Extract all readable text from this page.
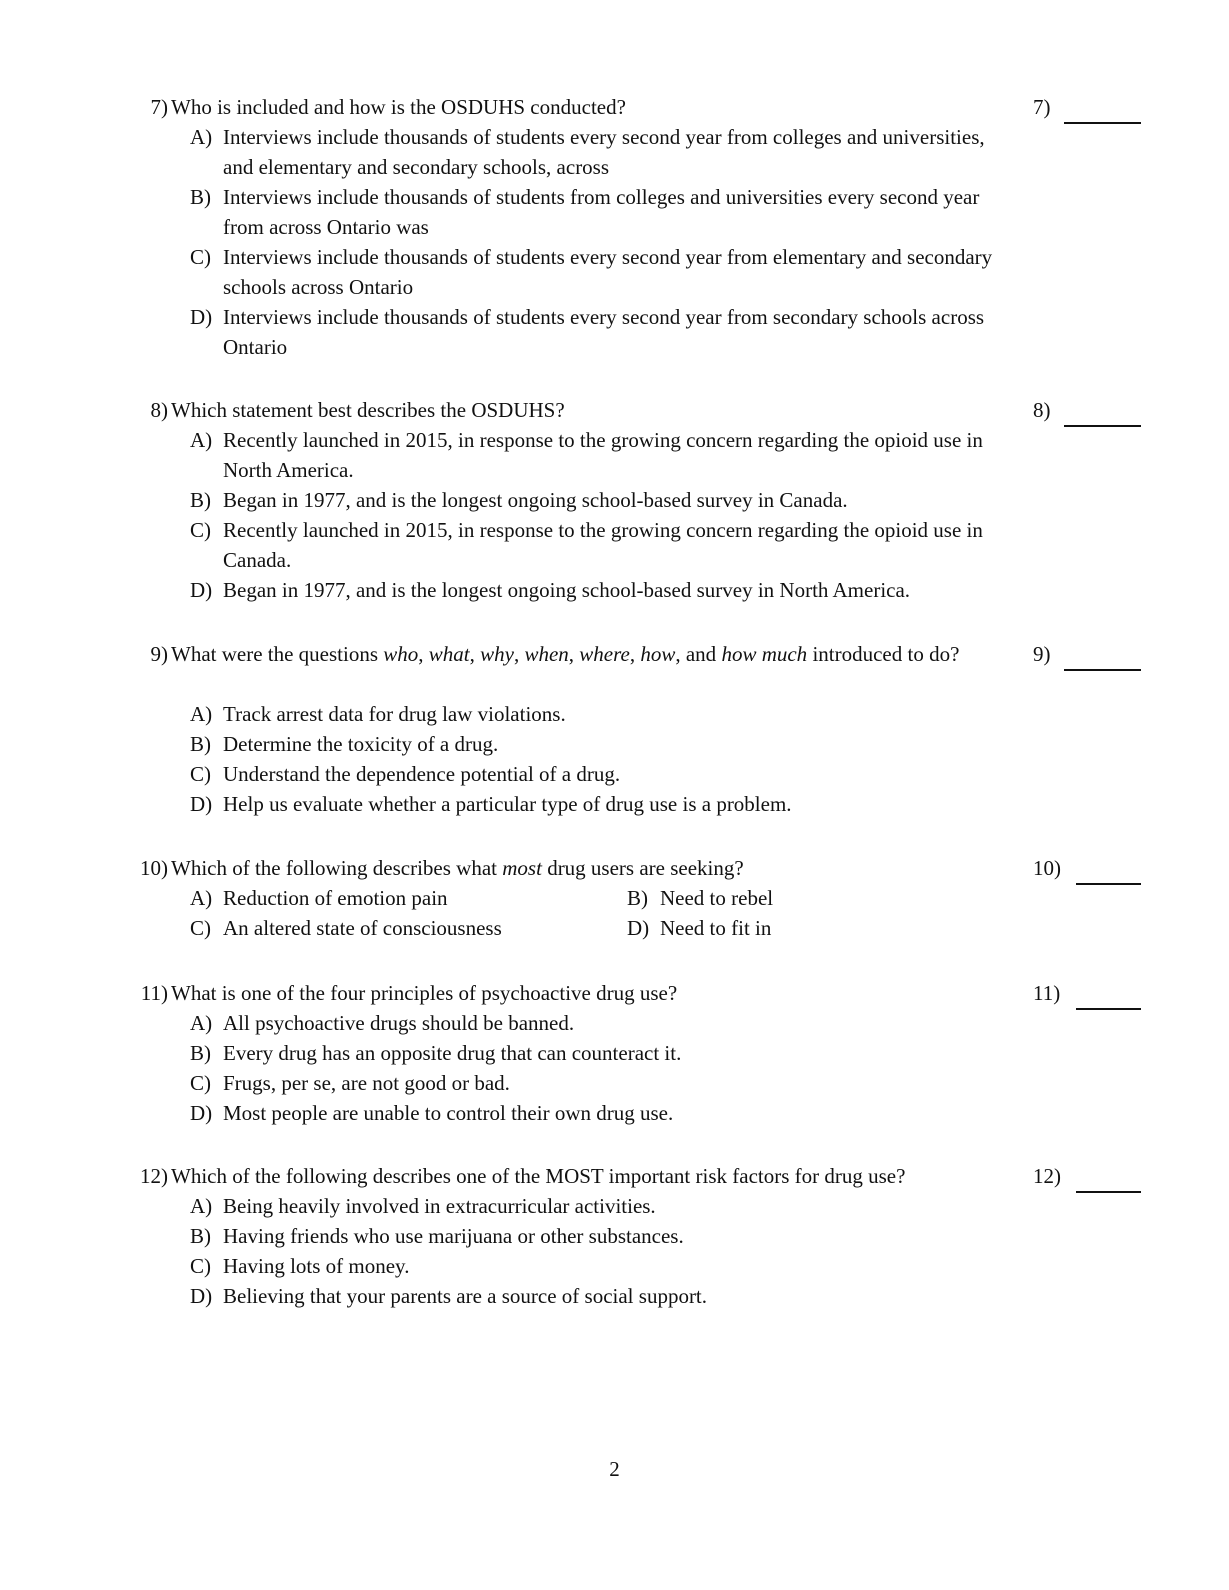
7) Who is included and how is the OSDUHS conducted?	7)
A) Interviews include thousands of students every second year from colleges and universities, and elementary and secondary schools, across
B) Interviews include thousands of students from colleges and universities every second year from across Ontario was
C) Interviews include thousands of students every second year from elementary and secondary schools across Ontario
D) Interviews include thousands of students every second year from secondary schools across Ontario
8) Which statement best describes the OSDUHS?	8)
A) Recently launched in 2015, in response to the growing concern regarding the opioid use in North America.
B) Began in 1977, and is the longest ongoing school-based survey in Canada.
C) Recently launched in 2015, in response to the growing concern regarding the opioid use in Canada.
D) Began in 1977, and is the longest ongoing school-based survey in North America.
9) What were the questions who, what, why, when, where, how, and how much introduced to do?	9)
A) Track arrest data for drug law violations.
B) Determine the toxicity of a drug.
C) Understand the dependence potential of a drug.
D) Help us evaluate whether a particular type of drug use is a problem.
10) Which of the following describes what most drug users are seeking?	10)
A) Reduction of emotion pain	B) Need to rebel
C) An altered state of consciousness	D) Need to fit in
11) What is one of the four principles of psychoactive drug use?	11)
A) All psychoactive drugs should be banned.
B) Every drug has an opposite drug that can counteract it.
C) Frugs, per se, are not good or bad.
D) Most people are unable to control their own drug use.
12) Which of the following describes one of the MOST important risk factors for drug use?	12)
A) Being heavily involved in extracurricular activities.
B) Having friends who use marijuana or other substances.
C) Having lots of money.
D) Believing that your parents are a source of social support.
2
